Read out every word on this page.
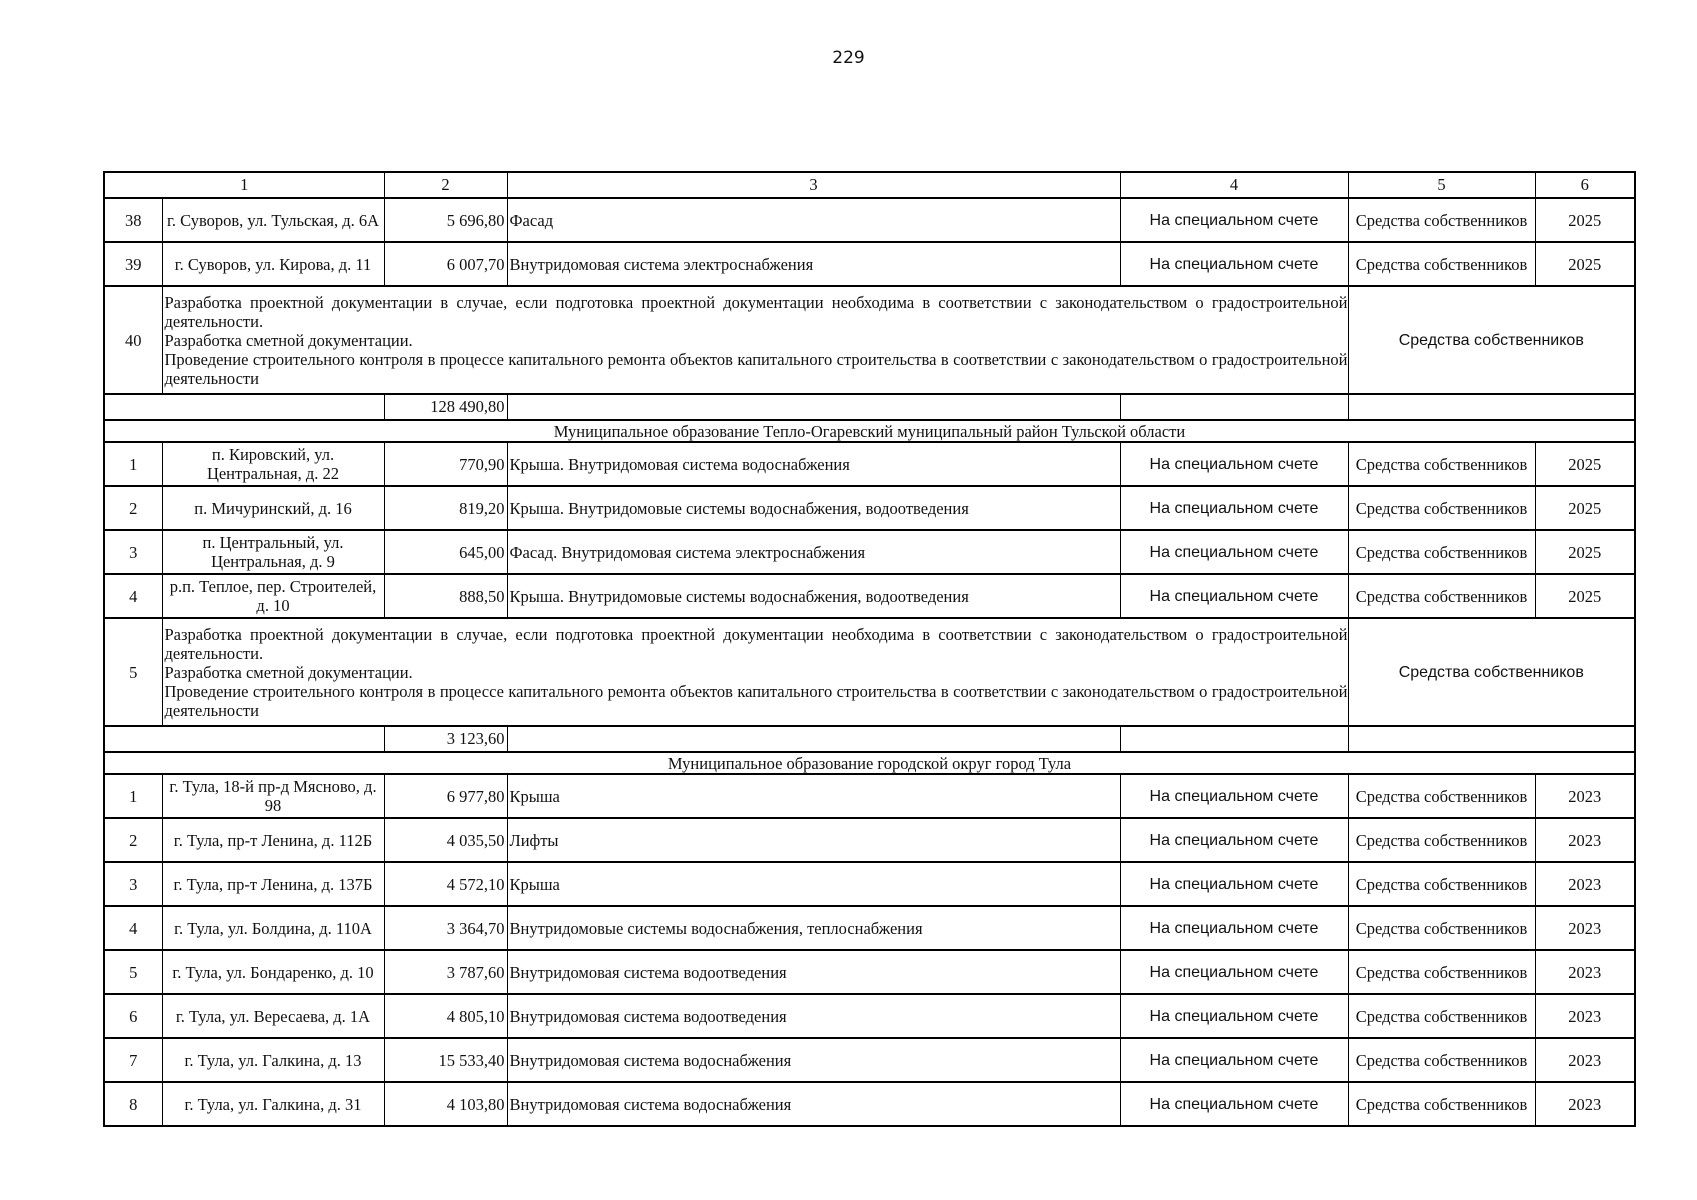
229
1		2	3	4	5	6
38	г. Суворов, ул. Тульская, д. 6А	5 696,80	Фасад	На специальном счете	Средства собственников	2025
39	г. Суворов, ул. Кирова, д. 11	6 007,70	Внутридомовая система электроснабжения	На специальном счете	Средства собственников	2025
40	Разработка проектной документации в случае, если подготовка проектной документации необходима в соответствии с законодательством о градостроительной деятельности.
Разработка сметной документации.
Проведение строительного контроля в процессе капитального ремонта объектов капитального строительства в соответствии с законодательством о градостроительной деятельности				Средства собственников	
		128 490,80				
Муниципальное образование Тепло-Огаревский муниципальный район Тульской области						
1	п. Кировский, ул. Центральная, д. 22	770,90	Крыша. Внутридомовая система водоснабжения	На специальном счете	Средства собственников	2025
2	п. Мичуринский, д. 16	819,20	Крыша. Внутридомовые системы водоснабжения, водоотведения	На специальном счете	Средства собственников	2025
3	п. Центральный, ул. Центральная, д. 9	645,00	Фасад. Внутридомовая система электроснабжения	На специальном счете	Средства собственников	2025
4	р.п. Теплое, пер. Строителей, д. 10	888,50	Крыша. Внутридомовые системы водоснабжения, водоотведения	На специальном счете	Средства собственников	2025
5	Разработка проектной документации в случае, если подготовка проектной документации необходима в соответствии с законодательством о градостроительной деятельности.
Разработка сметной документации.
Проведение строительного контроля в процессе капитального ремонта объектов капитального строительства в соответствии с законодательством о градостроительной деятельности				Средства собственников	
		3 123,60				
Муниципальное образование городской округ город Тула						
1	г. Тула, 18-й пр-д Мясново, д. 98	6 977,80	Крыша	На специальном счете	Средства собственников	2023
2	г. Тула, пр-т Ленина, д. 112Б	4 035,50	Лифты	На специальном счете	Средства собственников	2023
3	г. Тула, пр-т Ленина, д. 137Б	4 572,10	Крыша	На специальном счете	Средства собственников	2023
4	г. Тула, ул. Болдина, д. 110А	3 364,70	Внутридомовые системы водоснабжения, теплоснабжения	На специальном счете	Средства собственников	2023
5	г. Тула, ул. Бондаренко, д. 10	3 787,60	Внутридомовая система водоотведения	На специальном счете	Средства собственников	2023
6	г. Тула, ул. Вересаева, д. 1А	4 805,10	Внутридомовая система водоотведения	На специальном счете	Средства собственников	2023
7	г. Тула, ул. Галкина, д. 13	15 533,40	Внутридомовая система водоснабжения	На специальном счете	Средства собственников	2023
8	г. Тула, ул. Галкина, д. 31	4 103,80	Внутридомовая система водоснабжения	На специальном счете	Средства собственников	2023
